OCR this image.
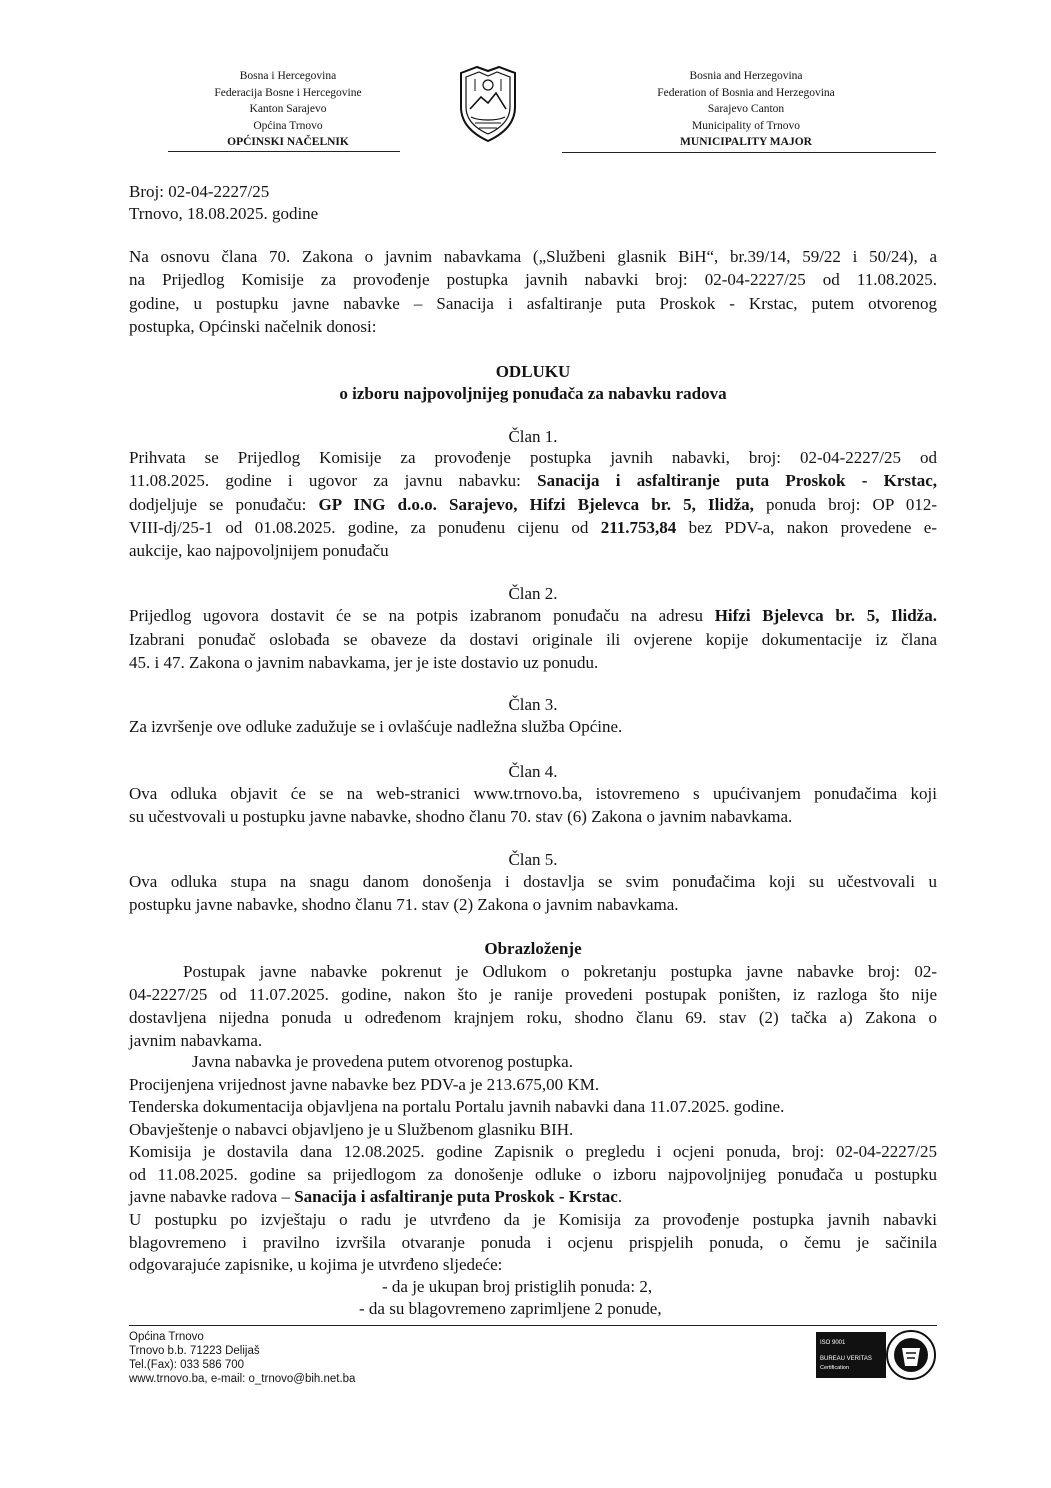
Bosna i Hercegovina
Federacija Bosne i Hercegovine
Kanton Sarajevo
Općina Trnovo
OPĆINSKI NAČELNIK
Bosnia and Herzegovina
Federation of Bosnia and Herzegovina
Sarajevo Canton
Municipality of Trnovo
MUNICIPALITY MAJOR
Broj: 02-04-2227/25
Trnovo, 18.08.2025. godine
Na osnovu člana 70. Zakona o javnim nabavkama („Službeni glasnik BiH“, br.39/14, 59/22 i 50/24), a
na Prijedlog Komisije za provođenje postupka javnih nabavki broj: 02-04-2227/25 od 11.08.2025.
godine, u postupku javne nabavke – Sanacija i asfaltiranje puta Proskok - Krstac, putem otvorenog
postupka, Općinski načelnik donosi:
ODLUKU
o izboru najpovoljnijeg ponuđača za nabavku radova
Član 1.
Prihvata se Prijedlog Komisije za provođenje postupka javnih nabavki, broj: 02-04-2227/25 od
11.08.2025. godine i ugovor za javnu nabavku: Sanacija i asfaltiranje puta Proskok - Krstac,
dodjeljuje se ponuđaču: GP ING d.o.o. Sarajevo, Hifzi Bjelevca br. 5, Ilidža, ponuda broj: OP 012-
VIII-dj/25-1 od 01.08.2025. godine, za ponuđenu cijenu od 211.753,84 bez PDV-a, nakon provedene e-
aukcije, kao najpovoljnijem ponuđaču
Član 2.
Prijedlog ugovora dostavit će se na potpis izabranom ponuđaču na adresu Hifzi Bjelevca br. 5, Ilidža.
Izabrani ponuđač oslobađa se obaveze da dostavi originale ili ovjerene kopije dokumentacije iz člana
45. i 47. Zakona o javnim nabavkama, jer je iste dostavio uz ponudu.
Član 3.
Za izvršenje ove odluke zadužuje se i ovlašćuje nadležna služba Općine.
Član 4.
Ova odluka objavit će se na web-stranici www.trnovo.ba, istovremeno s upućivanjem ponuđačima koji
su učestvovali u postupku javne nabavke, shodno članu 70. stav (6) Zakona o javnim nabavkama.
Član 5.
Ova odluka stupa na snagu danom donošenja i dostavlja se svim ponuđačima koji su učestvovali u
postupku javne nabavke, shodno članu 71. stav (2) Zakona o javnim nabavkama.
Obrazloženje
Postupak javne nabavke pokrenut je Odlukom o pokretanju postupka javne nabavke broj: 02-
04-2227/25 od 11.07.2025. godine, nakon što je ranije provedeni postupak poništen, iz razloga što nije
dostavljena nijedna ponuda u određenom krajnjem roku, shodno članu 69. stav (2) tačka a) Zakona o
javnim nabavkama.
Javna nabavka je provedena putem otvorenog postupka.
Procijenjena vrijednost javne nabavke bez PDV-a je 213.675,00 KM.
Tenderska dokumentacija objavljena na portalu Portalu javnih nabavki dana 11.07.2025. godine.
Obavještenje o nabavci objavljeno je u Službenom glasniku BIH.
Komisija je dostavila dana 12.08.2025. godine Zapisnik o pregledu i ocjeni ponuda, broj: 02-04-2227/25
od 11.08.2025. godine sa prijedlogom za donošenje odluke o izboru najpovoljnijeg ponuđača u postupku
javne nabavke radova – Sanacija i asfaltiranje puta Proskok - Krstac.
U postupku po izvještaju o radu je utvrđeno da je Komisija za provođenje postupka javnih nabavki
blagovremeno i pravilno izvršila otvaranje ponuda i ocjenu prispjelih ponuda, o čemu je sačinila
odgovarajuće zapisnike, u kojima je utvrđeno sljedeće:
- da je ukupan broj pristiglih ponuda: 2,
- da su blagovremeno zaprimljene 2 ponude,
Općina Trnovo
Trnovo b.b. 71223 Delijaš
Tel.(Fax): 033 586 700
www.trnovo.ba, e-mail: o_trnovo@bih.net.ba
ISO 9001
BUREAU VERITAS
Certification
